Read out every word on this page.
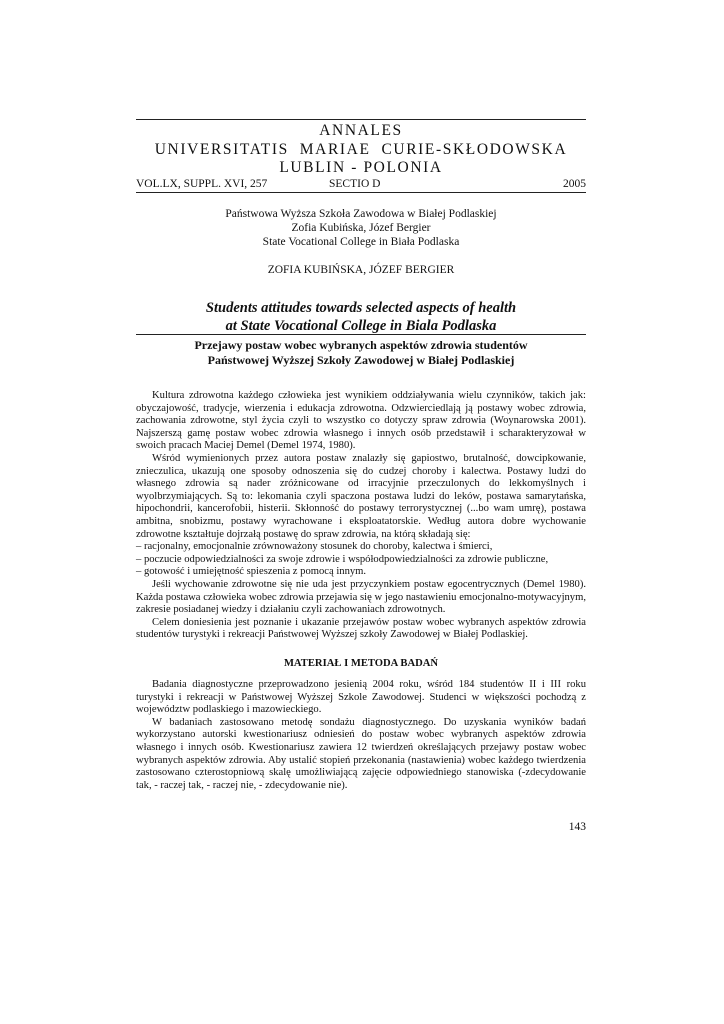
ANNALES
UNIVERSITATIS  MARIAE  CURIE-SKŁODOWSKA
LUBLIN - POLONIA
VOL.LX, SUPPL. XVI, 257	SECTIO D	2005
Państwowa Wyższa Szkoła Zawodowa w Białej Podlaskiej
Zofia Kubińska, Józef Bergier
State Vocational College in Biała Podlaska
ZOFIA KUBIŃSKA, JÓZEF BERGIER
Students attitudes towards selected aspects of health
at State Vocational College in Biala Podlaska
Przejawy postaw wobec wybranych aspektów zdrowia studentów
Państwowej Wyższej Szkoły Zawodowej w Białej Podlaskiej

Kultura zdrowotna każdego człowieka jest wynikiem oddziaływania wielu czynników, takich jak: obyczajowość, tradycje, wierzenia i edukacja zdrowotna. Odzwierciedlają ją postawy wobec zdrowia, zachowania zdrowotne, styl życia czyli to wszystko co dotyczy spraw zdrowia (Woynarowska 2001). Najszerszą gamę postaw wobec zdrowia własnego i innych osób przedstawił i scharakteryzował w swoich pracach Maciej Demel (Demel 1974, 1980).

Wśród wymienionych przez autora postaw znalazły się gapiostwo, brutalność, dowcipkowanie, znieczulica, ukazują one sposoby odnoszenia się do cudzej choroby i kalectwa. Postawy ludzi do własnego zdrowia są nader zróżnicowane od irracyjnie przeczulonych do lekkomyślnych i wyolbrzymiających. Są to: lekomania czyli spaczona postawa ludzi do leków, postawa samarytańska, hipochondrii, kancerofobii, histerii. Skłonność do postawy terrorystycznej (...bo wam umrę), postawa ambitna, snobizmu, postawy wyrachowane i eksploatatorskie. Według autora dobre wychowanie zdrowotne kształtuje dojrzałą postawę do spraw zdrowia, na którą składają się:

– racjonalny, emocjonalnie zrównoważony stosunek do choroby, kalectwa i śmierci,

– poczucie odpowiedzialności za swoje zdrowie i współodpowiedzialności za zdrowie publiczne,

– gotowość i umiejętność spieszenia z pomocą innym.

Jeśli wychowanie zdrowotne się nie uda jest przyczynkiem postaw egocentrycznych (Demel 1980). Każda postawa człowieka wobec zdrowia przejawia się w jego nastawieniu emocjonalno-motywacyjnym, zakresie posiadanej wiedzy i działaniu czyli zachowaniach zdrowotnych.

Celem doniesienia jest poznanie i ukazanie przejawów postaw wobec wybranych aspektów zdrowia studentów turystyki i rekreacji Państwowej Wyższej szkoły Zawodowej w Białej Podlaskiej.

MATERIAŁ I METODA BADAŃ

Badania diagnostyczne przeprowadzono jesienią 2004 roku, wśród 184 studentów II i III roku turystyki i rekreacji w Państwowej Wyższej Szkole Zawodowej. Studenci w większości pochodzą z województw podlaskiego i mazowieckiego.

W badaniach zastosowano metodę sondażu diagnostycznego. Do uzyskania wyników badań wykorzystano autorski kwestionariusz odniesień do postaw wobec wybranych aspektów zdrowia własnego i innych osób. Kwestionariusz zawiera 12 twierdzeń określających przejawy postaw wobec wybranych aspektów zdrowia. Aby ustalić stopień przekonania (nastawienia) wobec każdego twierdzenia zastosowano czterostopniową skalę umożliwiającą zajęcie odpowiedniego stanowiska (-zdecydowanie tak, - raczej tak, - raczej nie, - zdecydowanie nie).

143
